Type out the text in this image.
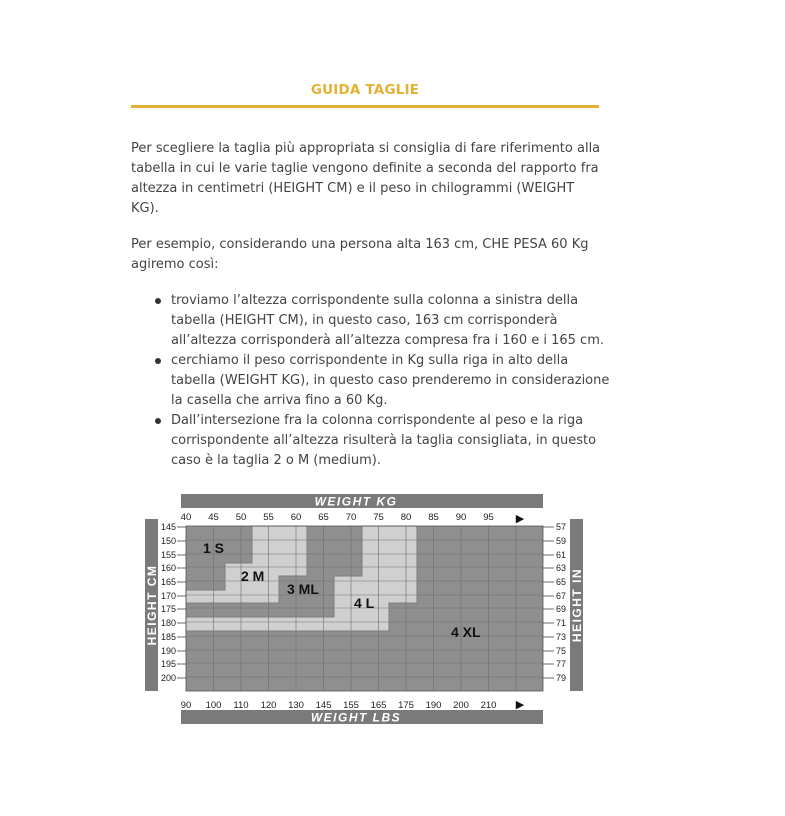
GUIDA TAGLIE
Per scegliere la taglia più appropriata si consiglia di fare riferimento alla tabella in cui le varie taglie vengono definite a seconda del rapporto fra altezza in centimetri (HEIGHT CM) e il peso in chilogrammi (WEIGHT KG).
Per esempio, considerando una persona alta 163 cm, CHE PESA 60 Kg agiremo così:
troviamo l’altezza corrispondente sulla colonna a sinistra della tabella (HEIGHT CM), in questo caso, 163 cm corrisponderà all’altezza corrisponderà all’altezza compresa fra i 160 e i 165 cm.
cerchiamo il peso corrispondente in Kg sulla riga in alto della tabella (WEIGHT KG), in questo caso prenderemo in considerazione la casella che arriva fino a 60 Kg.
Dall’intersezione fra la colonna corrispondente al peso e la riga corrispondente all’altezza risulterà la taglia consigliata, in questo caso è la taglia 2 o M (medium).
WEIGHT KG
WEIGHT LBS
HEIGHT CM	HEIGHT IN
1 S
2 M
3 ML
4 L
4 XL
40 45 50 55 60 65 70 75 80 85 90 95 ▶
90 100 110 120 130 145 155 165 175 190 200 210 ▶
145
150
155
160
165
170
175
180
185
190
195
200
57
59
61
63
65
67
69
71
73
75
77
79
